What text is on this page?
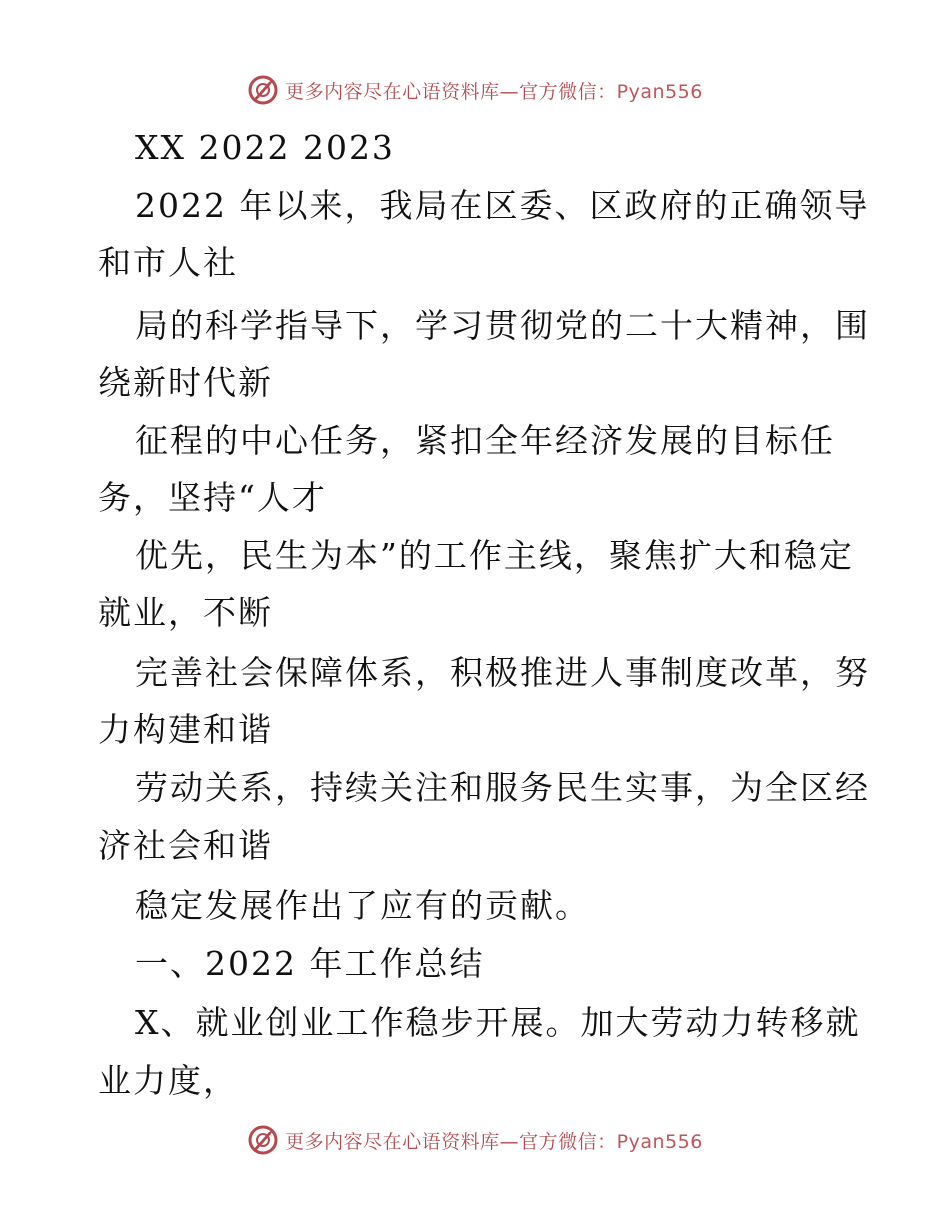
更多内容尽在心语资料库—官方微信：Pyan556
XX 2022 2023
2022 年以来，我局在区委、区政府的正确领导
和市人社
局的科学指导下，学习贯彻党的二十大精神，围
绕新时代新
征程的中心任务，紧扣全年经济发展的目标任
务，坚持“人才
优先，民生为本”的工作主线，聚焦扩大和稳定
就业，不断
完善社会保障体系，积极推进人事制度改革，努
力构建和谐
劳动关系，持续关注和服务民生实事，为全区经
济社会和谐
稳定发展作出了应有的贡献。
一、2022 年工作总结
X、就业创业工作稳步开展。加大劳动力转移就
业力度，
更多内容尽在心语资料库—官方微信：Pyan556
